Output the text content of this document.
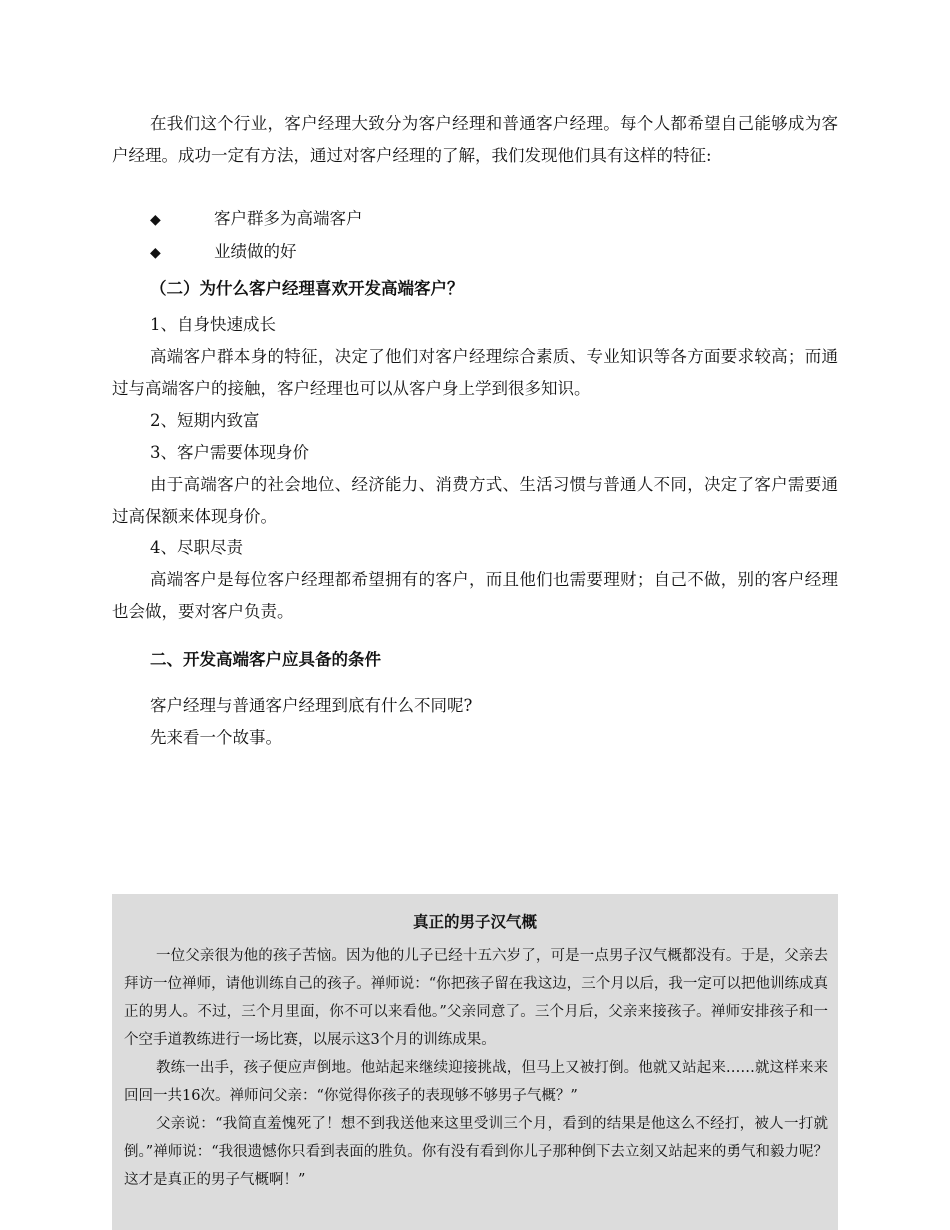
在我们这个行业，客户经理大致分为客户经理和普通客户经理。每个人都希望自己能够成为客户经理。成功一定有方法，通过对客户经理的了解，我们发现他们具有这样的特征:
◆	客户群多为高端客户
◆	业绩做的好
（二）为什么客户经理喜欢开发高端客户？
1、自身快速成长
高端客户群本身的特征，决定了他们对客户经理综合素质、专业知识等各方面要求较高；而通过与高端客户的接触，客户经理也可以从客户身上学到很多知识。
2、短期内致富
3、客户需要体现身价
由于高端客户的社会地位、经济能力、消费方式、生活习惯与普通人不同，决定了客户需要通过高保额来体现身价。
4、尽职尽责
高端客户是每位客户经理都希望拥有的客户，而且他们也需要理财；自己不做，别的客户经理也会做，要对客户负责。
二、开发高端客户应具备的条件
客户经理与普通客户经理到底有什么不同呢?
先来看一个故事。
真正的男子汉气概
一位父亲很为他的孩子苦恼。因为他的儿子已经十五六岁了，可是一点男子汉气概都没有。于是，父亲去拜访一位禅师，请他训练自己的孩子。禅师说：“你把孩子留在我这边，三个月以后，我一定可以把他训练成真正的男人。不过，三个月里面，你不可以来看他。”父亲同意了。三个月后，父亲来接孩子。禅师安排孩子和一个空手道教练进行一场比赛，以展示这3个月的训练成果。
教练一出手，孩子便应声倒地。他站起来继续迎接挑战，但马上又被打倒。他就又站起来……就这样来来回回一共16次。禅师问父亲：“你觉得你孩子的表现够不够男子气概？”
父亲说：“我简直羞愧死了！想不到我送他来这里受训三个月，看到的结果是他这么不经打，被人一打就倒。”禅师说：“我很遗憾你只看到表面的胜负。你有没有看到你儿子那种倒下去立刻又站起来的勇气和毅力呢？这才是真正的男子气概啊！”
